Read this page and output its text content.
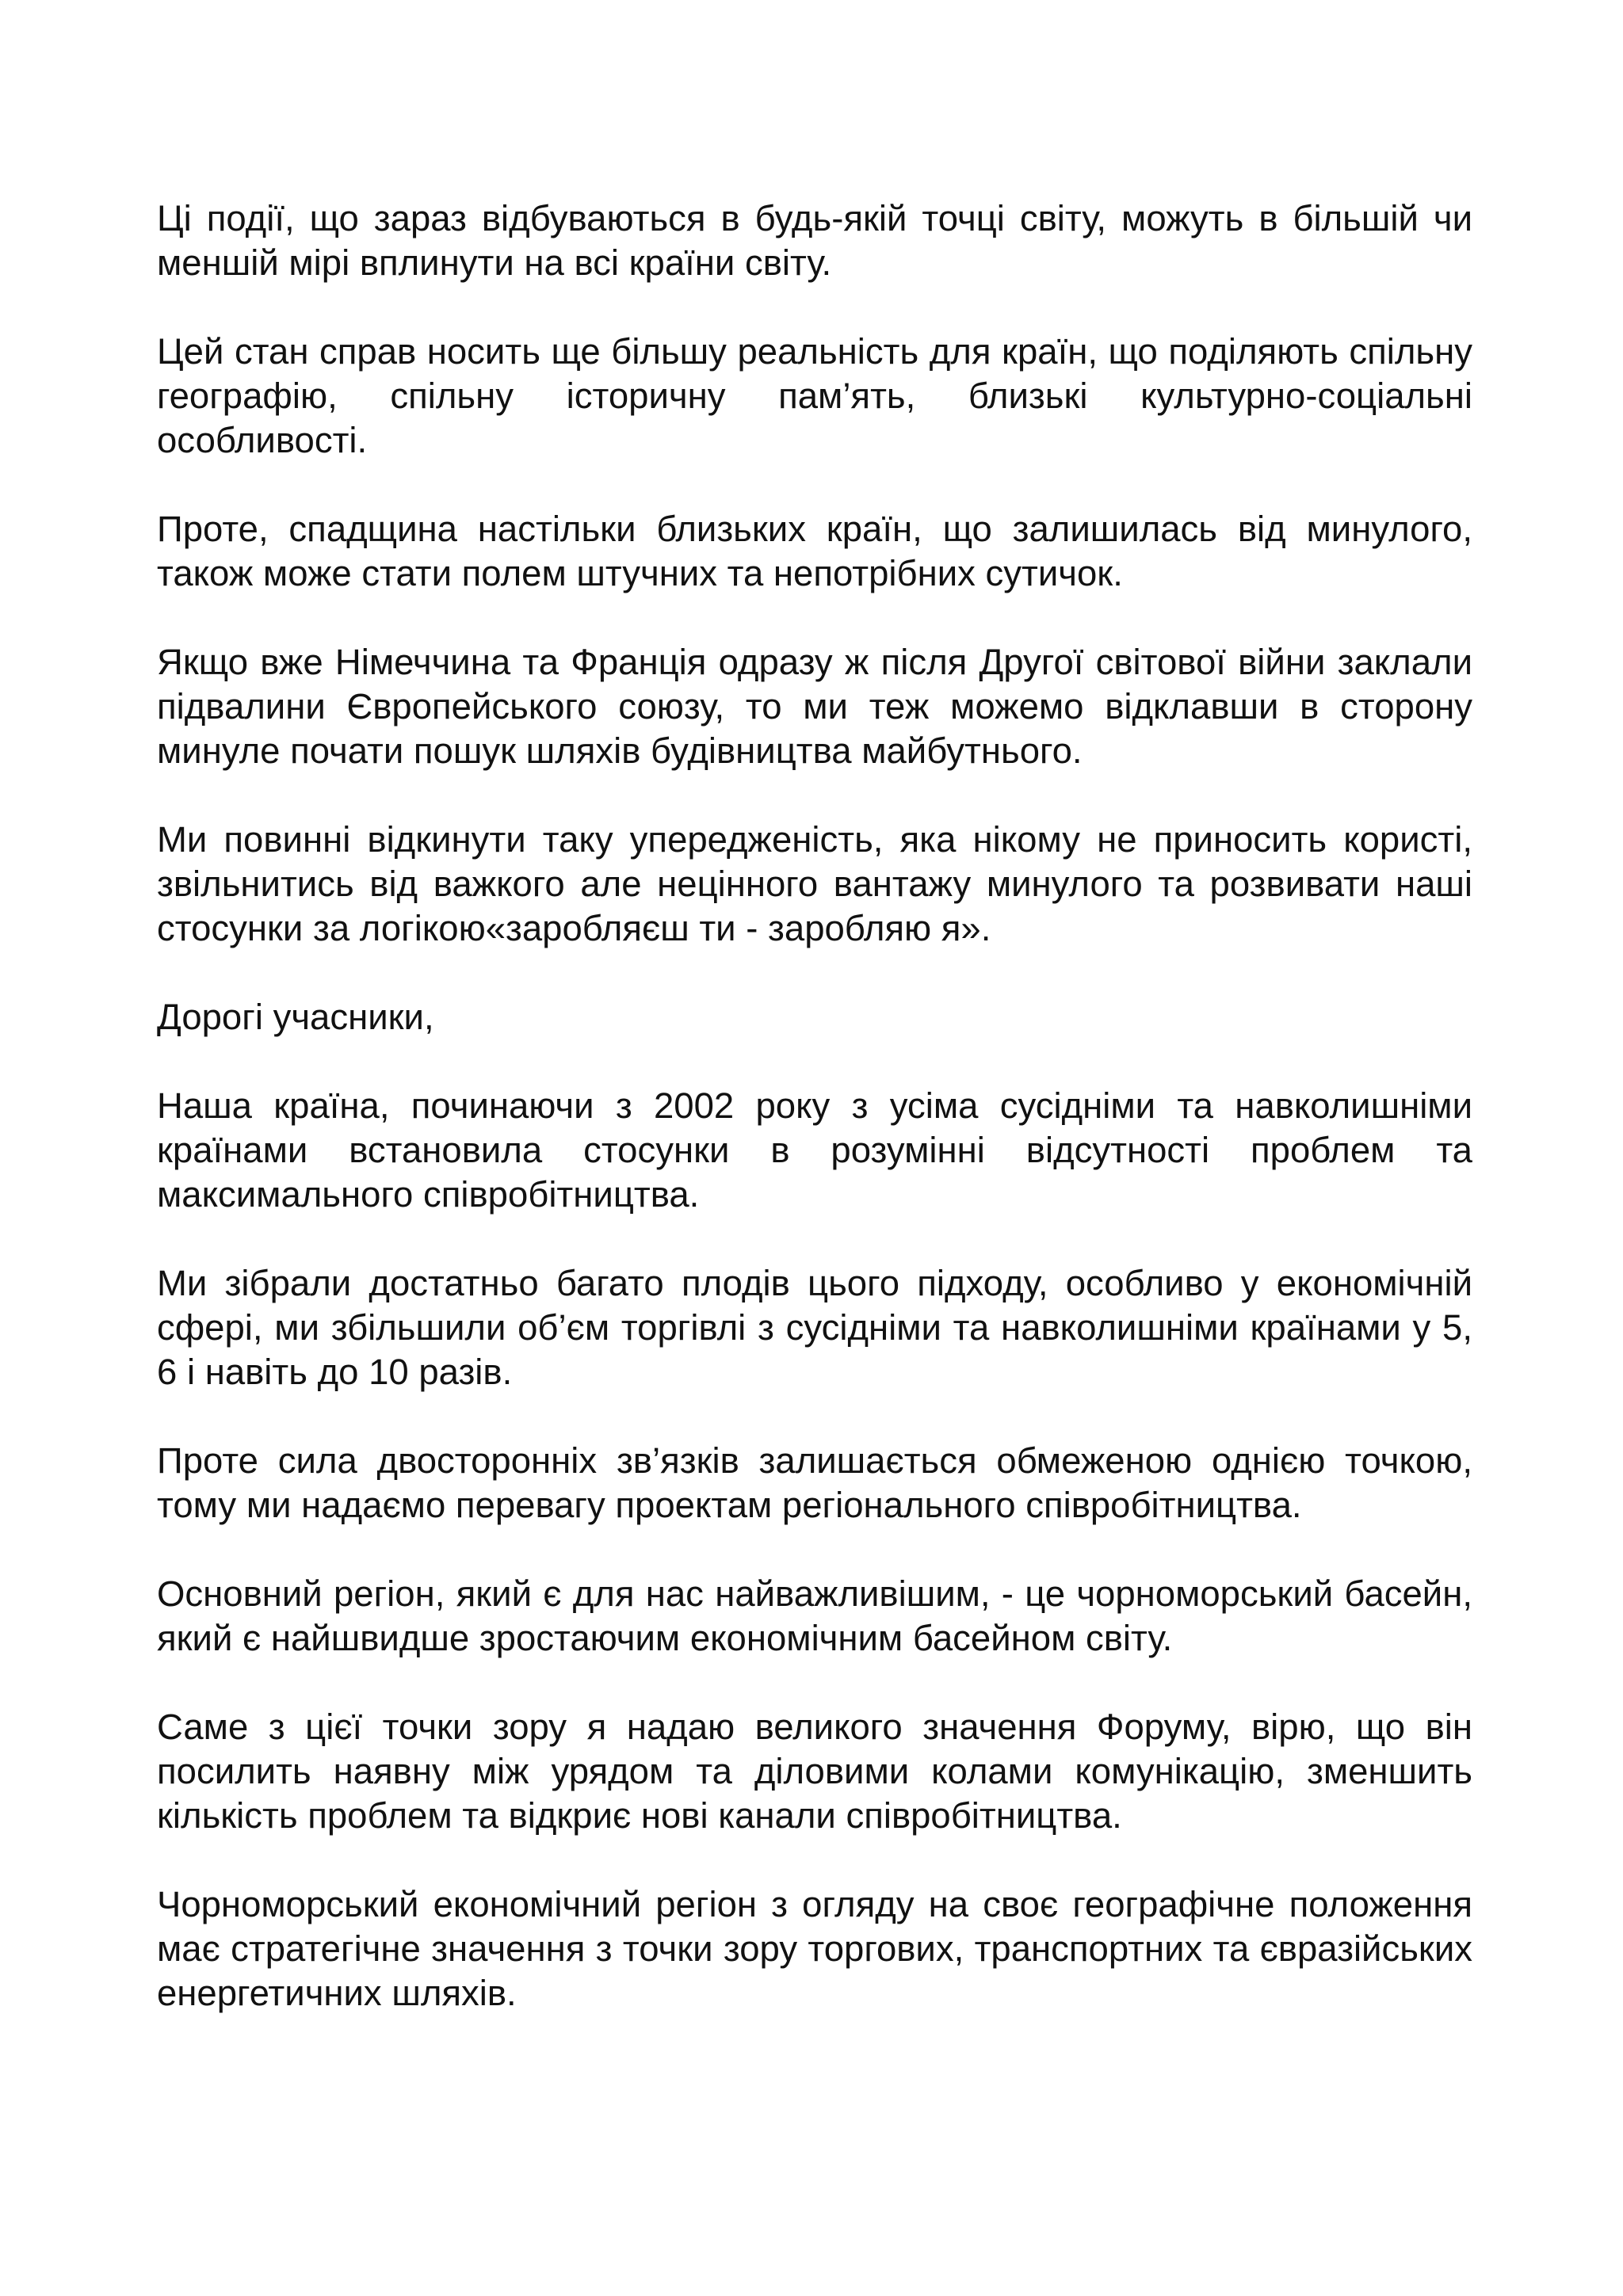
Ці події, що зараз відбуваються в будь-якій точці світу, можуть в більшій чи меншій мірі вплинути на всі країни світу.

Цей стан справ носить ще більшу реальність для країн, що поділяють спільну географію, спільну історичну пам’ять, близькі культурно-соціальні особливості.

Проте, спадщина настільки близьких країн, що залишилась від минулого, також може стати полем штучних та непотрібних сутичок.

Якщо вже Німеччина та Франція одразу ж після Другої світової війни заклали підвалини Європейського союзу, то ми теж можемо відклавши в сторону минуле почати пошук шляхів будівництва майбутнього.

Ми повинні відкинути таку упередженість, яка нікому не приносить користі, звільнитись від важкого але нецінного вантажу минулого та розвивати наші стосунки за логікою«заробляєш ти - заробляю я».

Дорогі учасники,

Наша країна, починаючи з 2002 року з усіма сусідніми та навколишніми країнами встановила стосунки в розумінні відсутності проблем та максимального співробітництва.

Ми зібрали достатньо багато плодів цього підходу, особливо у економічній сфері, ми збільшили об’єм торгівлі з сусідніми та навколишніми країнами у 5, 6 і навіть до 10 разів.

Проте сила двосторонніх зв’язків залишається обмеженою однією точкою, тому ми надаємо перевагу проектам регіонального співробітництва.

Основний регіон, який є для нас найважливішим, - це чорноморський басейн, який є найшвидше зростаючим економічним басейном світу.

Саме з цієї точки зору я надаю великого значення Форуму, вірю, що він посилить наявну між урядом та діловими колами комунікацію, зменшить кількість проблем та відкриє нові канали співробітництва.

Чорноморський економічний регіон з огляду на своє географічне положення має стратегічне значення з точки зору торгових, транспортних та євразійських енергетичних шляхів.
